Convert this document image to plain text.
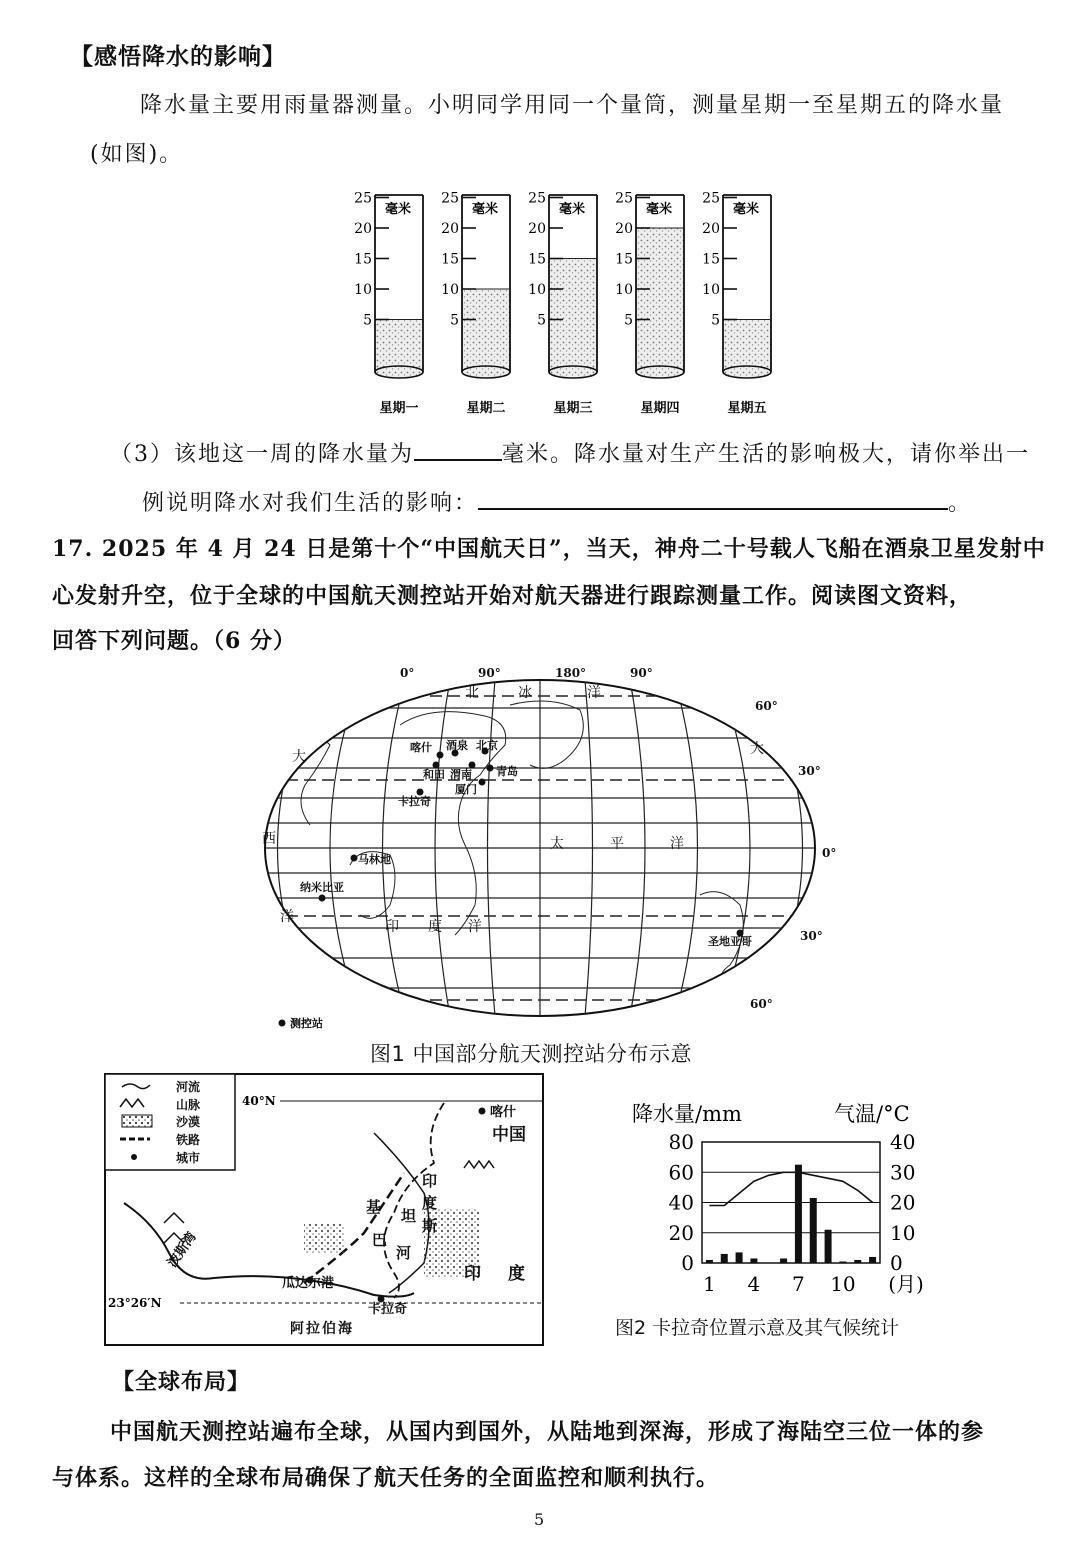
【感悟降水的影响】
降水量主要用雨量器测量。小明同学用同一个量筒，测量星期一至星期五的降水量
(如图)。
毫米
25
20
15
10
5
星期一
毫米
25
20
15
10
5
星期二
毫米
25
20
15
10
5
星期三
毫米
25
20
15
10
5
星期四
毫米
25
20
15
10
5
星期五
（3）该地这一周的降水量为	毫米。降水量对生产生活的影响极大，请你举出一
例说明降水对我们生活的影响：	。
17. 2025 年 4 月 24 日是第十个“中国航天日”，当天，神舟二十号载人飞船在酒泉卫星发射中
心发射升空，位于全球的中国航天测控站开始对航天器进行跟踪测量工作。阅读图文资料，
回答下列问题。（6 分）
0°	90°	180°	90°
60°
30°
0°
30°
60°
北	冰	洋
大	大
西
洋
太	平	洋
印 度 洋
喀什 酒泉 北京
和田 渭南 青岛
厦门
卡拉奇
马林地
纳米比亚
圣地亚哥
测控站
图1 中国部分航天测控站分布示意
河流
山脉
沙漠
铁路
城市
40°N
23°26′N
喀什
中国
印
度
河
巴
基
斯
坦
印 度
波斯湾
瓜达尔港
卡拉奇
阿拉伯海
降水量/mm	气温/°C
80
60
40
20
0
40
30
20
10
0
1 4 7 10 (月)
图2 卡拉奇位置示意及其气候统计
【全球布局】
中国航天测控站遍布全球，从国内到国外，从陆地到深海，形成了海陆空三位一体的参
与体系。这样的全球布局确保了航天任务的全面监控和顺利执行。
5
